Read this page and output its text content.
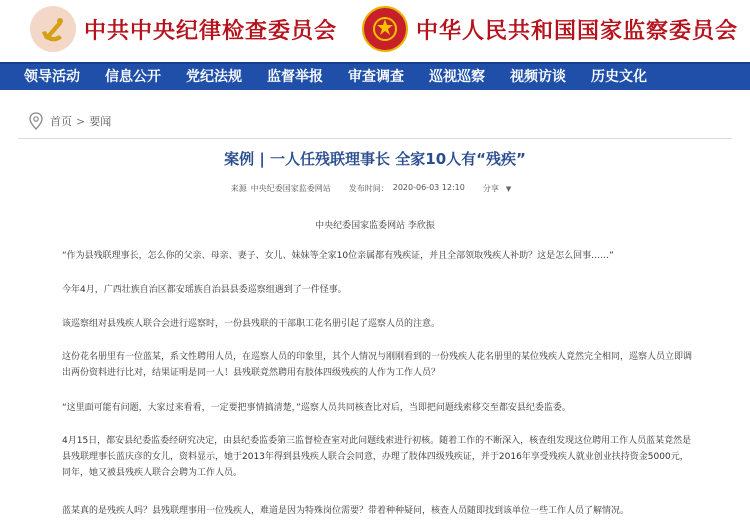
中共中央纪律检查委员会	中华人民共和国国家监察委员会
领导活动 信息公开 党纪法规 监督举报 审查调查 巡视巡察 视频访谈 历史文化
首页 > 要闻
案例 | 一人任残联理事长 全家10人有“残疾”
来源 中央纪委国家监委网站 发布时间： 2020-06-03 12:10 分享 ▼
中央纪委国家监委网站 李欣振
“作为县残联理事长，怎么你的父亲、母亲、妻子、女儿、妹妹等全家10位亲属都有残疾证，并且全部领取残疾人补助？这是怎么回事……”
今年4月，广西壮族自治区都安瑶族自治县县委巡察组遇到了一件怪事。
该巡察组对县残疾人联合会进行巡察时，一份县残联的干部职工花名册引起了巡察人员的注意。
这份花名册里有一位蓝某，系文性聘用人员，在巡察人员的印象里，其个人情况与刚刚看到的一份残疾人花名册里的某位残疾人竟然完全相同，巡察人员立即调出两份资料进行比对，结果证明是同一人！县残联竟然聘用有肢体四级残疾的人作为工作人员？
“这里面可能有问题，大家过来看看，一定要把事情搞清楚，”巡察人员共同核查比对后，当即把问题线索移交至都安县纪委监委。
4月15日，都安县纪委监委经研究决定，由县纪委监委第三监督检查室对此问题线索进行初核。随着工作的不断深入，核查组发现这位聘用工作人员蓝某竟然是县残联理事长蓝庆彦的女儿，资料显示，她于2013年得到县残疾人联合会同意，办理了肢体四级残疾证，并于2016年享受残疾人就业创业扶持资金5000元，同年，她又被县残疾人联合会聘为工作人员。
蓝某真的是残疾人吗？县残联理事用一位残疾人，难道是因为特殊岗位需要？带着种种疑问，核查人员随即找到该单位一些工作人员了解情况。
